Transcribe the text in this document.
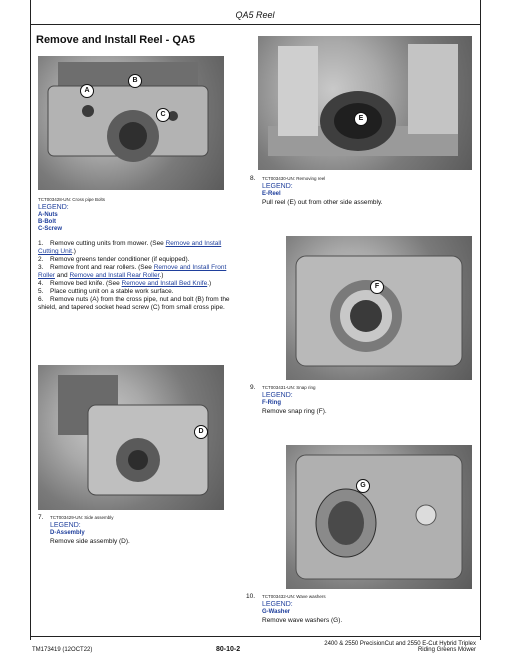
QA5 Reel
Remove and Install Reel - QA5
A
B
C
TCT003428-UN: Cross pipe Bolts
LEGEND:
A-Nuts
B-Bolt
C-Screw
1. Remove cutting units from mower. (See Remove and Install Cutting Unit.)
2. Remove greens tender conditioner (if equipped).
3. Remove front and rear rollers. (See Remove and Install Front Roller and Remove and Install Rear Roller.)
4. Remove bed knife. (See Remove and Install Bed Knife.)
5. Place cutting unit on a stable work surface.
6. Remove nuts (A) from the cross pipe, nut and bolt (B) from the shield, and tapered socket head screw (C) from small cross pipe.
D
7. TCT003429-UN: Side assembly
LEGEND:
D-Assembly
Remove side assembly (D).
E
8. TCT003430-UN: Removing reel
LEGEND:
E-Reel
Pull reel (E) out from other side assembly.
F
9. TCT003431-UN: Snap ring
LEGEND:
F-Ring
Remove snap ring (F).
G
10. TCT003432-UN: Wave washers
LEGEND:
G-Washer
Remove wave washers (G).
TM173419 (12OCT22)	80-10-2
2400 & 2550 PrecisionCut and 2550 E-Cut Hybrid Triplex
Riding Greens Mower
